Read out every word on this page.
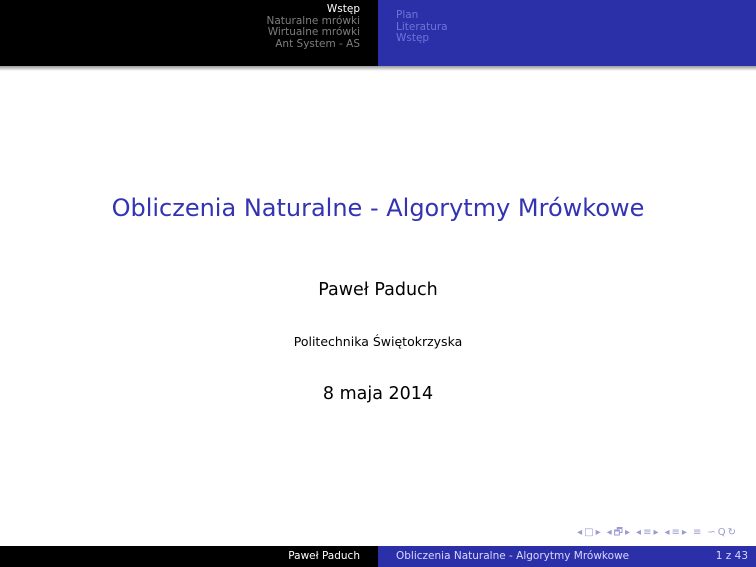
Wstęp
Naturalne mrówki
Wirtualne mrówki
Ant System - AS
Plan
Literatura
Wstęp
Obliczenia Naturalne - Algorytmy Mrówkowe
Paweł Paduch
Politechnika Świętokrzyska
8 maja 2014
◂ □ ▸ ◂ 🗗 ▸ ◂ ≡ ▸ ◂ ≡ ▸ ≡ ∽ Q ↻
Paweł Paduch	Obliczenia Naturalne - Algorytmy Mrówkowe	1 z 43
